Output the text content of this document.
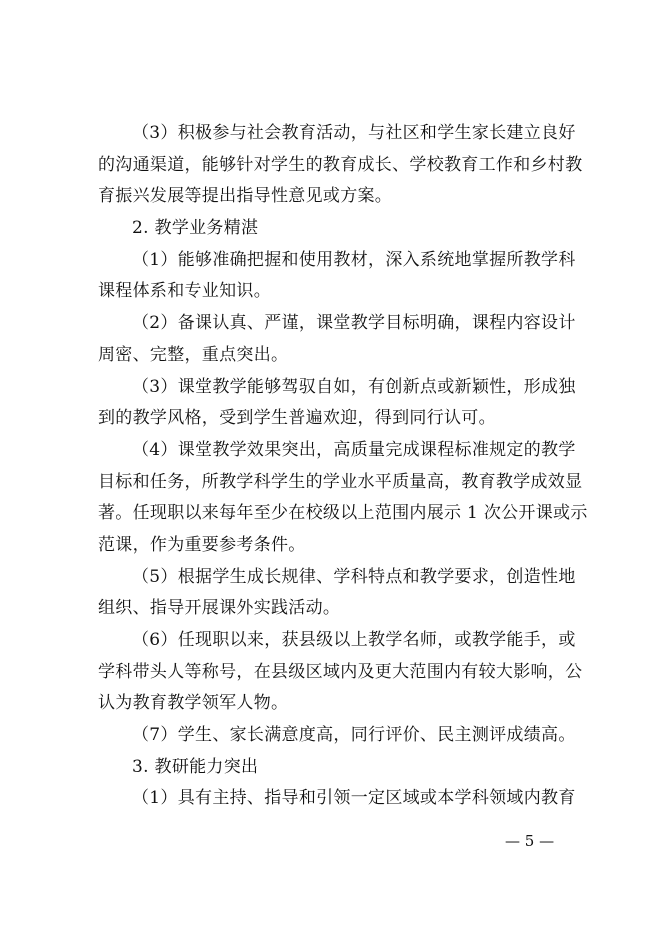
（3）积极参与社会教育活动，与社区和学生家长建立良好
的沟通渠道，能够针对学生的教育成长、学校教育工作和乡村教
育振兴发展等提出指导性意见或方案。
2. 教学业务精湛
（1）能够准确把握和使用教材，深入系统地掌握所教学科
课程体系和专业知识。
（2）备课认真、严谨，课堂教学目标明确，课程内容设计
周密、完整，重点突出。
（3）课堂教学能够驾驭自如，有创新点或新颖性，形成独
到的教学风格，受到学生普遍欢迎，得到同行认可。
（4）课堂教学效果突出，高质量完成课程标准规定的教学
目标和任务，所教学科学生的学业水平质量高，教育教学成效显
著。任现职以来每年至少在校级以上范围内展示 1 次公开课或示
范课，作为重要参考条件。
（5）根据学生成长规律、学科特点和教学要求，创造性地
组织、指导开展课外实践活动。
（6）任现职以来，获县级以上教学名师，或教学能手，或
学科带头人等称号，在县级区域内及更大范围内有较大影响，公
认为教育教学领军人物。
（7）学生、家长满意度高，同行评价、民主测评成绩高。
3. 教研能力突出
（1）具有主持、指导和引领一定区域或本学科领域内教育
— 5 —
